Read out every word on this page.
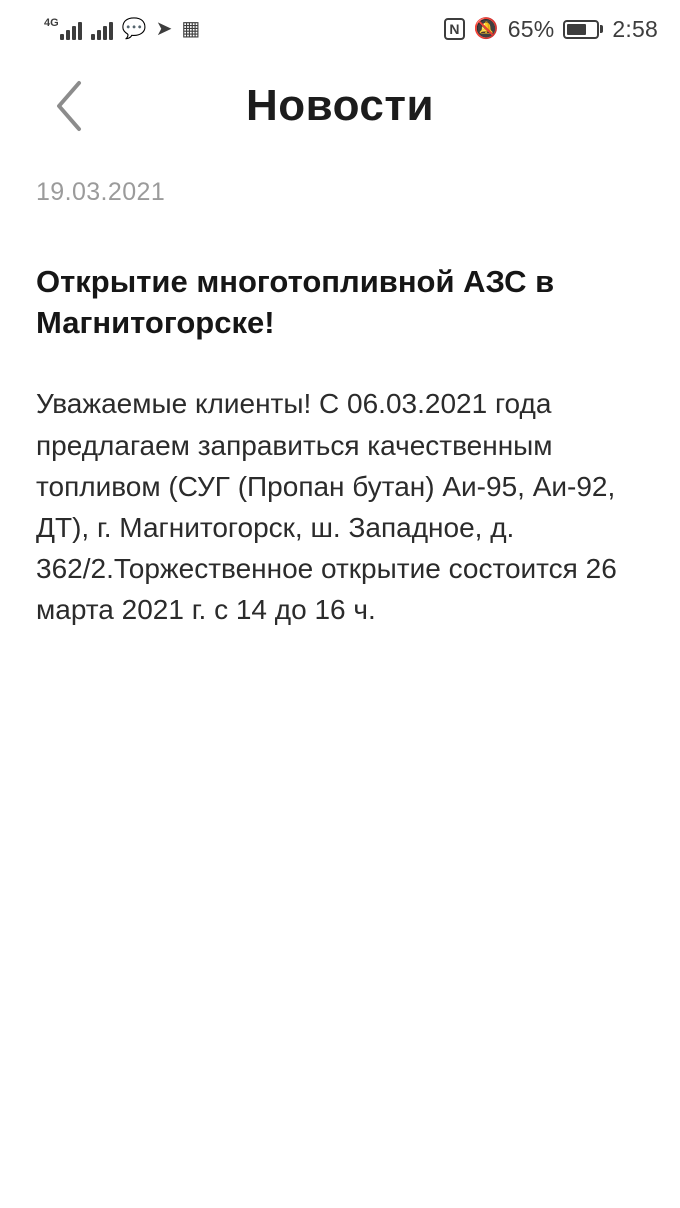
4G	💬 ➤ ▦	N 🔕 65%	2:58
Новости
19.03.2021
Открытие многотопливной АЗС в Магнитогорске!
Уважаемые клиенты! С 06.03.2021 года предлагаем заправиться качественным топливом (СУГ (Пропан бутан) Аи-95, Аи-92, ДТ), г. Магнитогорск, ш. Западное, д. 362/2.Торжественное открытие состоится 26 марта 2021 г. с 14 до 16 ч.
